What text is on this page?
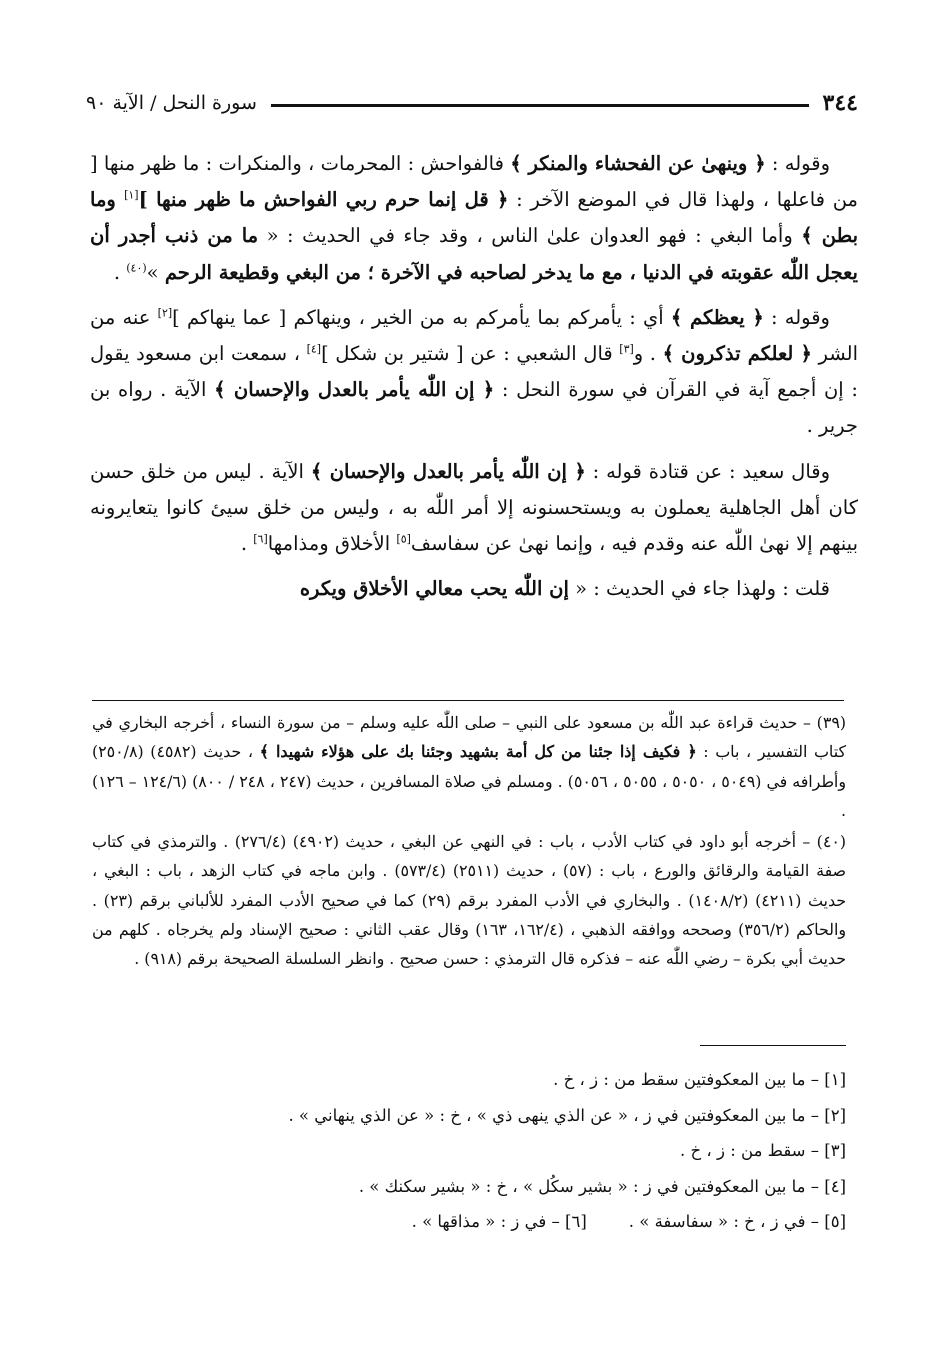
سورة النحل / الآية ٩٠	٣٤٤

وقوله : ﴿ وينهىٰ عن الفحشاء والمنكر ﴾ فالفواحش : المحرمات ، والمنكرات : ما ظهر منها [ من فاعلها ، ولهذا قال في الموضع الآخر : ﴿ قل إنما حرم ربي الفواحش ما ظهر منها ][١] وما بطن ﴾ وأما البغي : فهو العدوان علىٰ الناس ، وقد جاء في الحديث : « ما من ذنب أجدر أن يعجل اللّٰه عقوبته في الدنيا ، مع ما يدخر لصاحبه في الآخرة ؛ من البغي وقطيعة الرحم »$^{(٤٠)}$ .

وقوله : ﴿ يعظكم ﴾ أي : يأمركم بما يأمركم به من الخير ، وينهاكم [ عما ينهاكم ][٢] عنه من الشر ﴿ لعلكم تذكرون ﴾ . و[٣] قال الشعبي : عن [ شتير بن شكل ][٤] ، سمعت ابن مسعود يقول : إن أجمع آية في القرآن في سورة النحل : ﴿ إن اللّٰه يأمر بالعدل والإحسان ﴾ الآية . رواه بن جرير .

وقال سعيد : عن قتادة قوله : ﴿ إن اللّٰه يأمر بالعدل والإحسان ﴾ الآية . ليس من خلق حسن كان أهل الجاهلية يعملون به ويستحسنونه إلا أمر اللّٰه به ، وليس من خلق سيئ كانوا يتعايرونه بينهم إلا نهىٰ اللّٰه عنه وقدم فيه ، وإنما نهىٰ عن سفاسف[٥] الأخلاق ومذامها[٦] .

قلت : ولهذا جاء في الحديث : « إن اللّٰه يحب معالي الأخلاق ويكره

(٣٩) – حديث قراءة عبد اللّٰه بن مسعود على النبي – صلى اللّٰه عليه وسلم – من سورة النساء ، أخرجه البخاري في كتاب التفسير ، باب : ﴿ فكيف إذا جئنا من كل أمة بشهيد وجئنا بك على هؤلاء شهيدا ﴾ ، حديث (٤٥٨٢) (٢٥٠/٨) وأطرافه في (٥٠٤٩ ، ٥٠٥٠ ، ٥٠٥٥ ، ٥٠٥٦) . ومسلم في صلاة المسافرين ، حديث (٢٤٧ ، ٢٤٨ / ٨٠٠) (١٢٤/٦ – ١٢٦) .

(٤٠) – أخرجه أبو داود في كتاب الأدب ، باب : في النهي عن البغي ، حديث (٤٩٠٢) (٢٧٦/٤) . والترمذي في كتاب صفة القيامة والرقائق والورع ، باب : (٥٧) ، حديث (٢٥١١) (٥٧٣/٤) . وابن ماجه في كتاب الزهد ، باب : البغي ، حديث (٤٢١١) (١٤٠٨/٢) . والبخاري في الأدب المفرد برقم (٢٩) كما في صحيح الأدب المفرد للألباني برقم (٢٣) . والحاكم (٣٥٦/٢) وصححه ووافقه الذهبي ، (١٦٢/٤، ١٦٣) وقال عقب الثاني : صحيح الإسناد ولم يخرجاه . كلهم من حديث أبي بكرة – رضي اللّٰه عنه – فذكره قال الترمذي : حسن صحيح . وانظر السلسلة الصحيحة برقم (٩١٨) .

[١] – ما بين المعكوفتين سقط من : ز ، خ .
[٢] – ما بين المعكوفتين في ز ، « عن الذي ينهى ذي » ، خ : « عن الذي ينهاني » .
[٣] – سقط من : ز ، خ .
[٤] – ما بين المعكوفتين في ز : « بشير سكُل » ، خ : « بشير سكنك » .
[٥] – في ز ، خ : « سفاسفة » .[٦] – في ز : « مذاقها » .
